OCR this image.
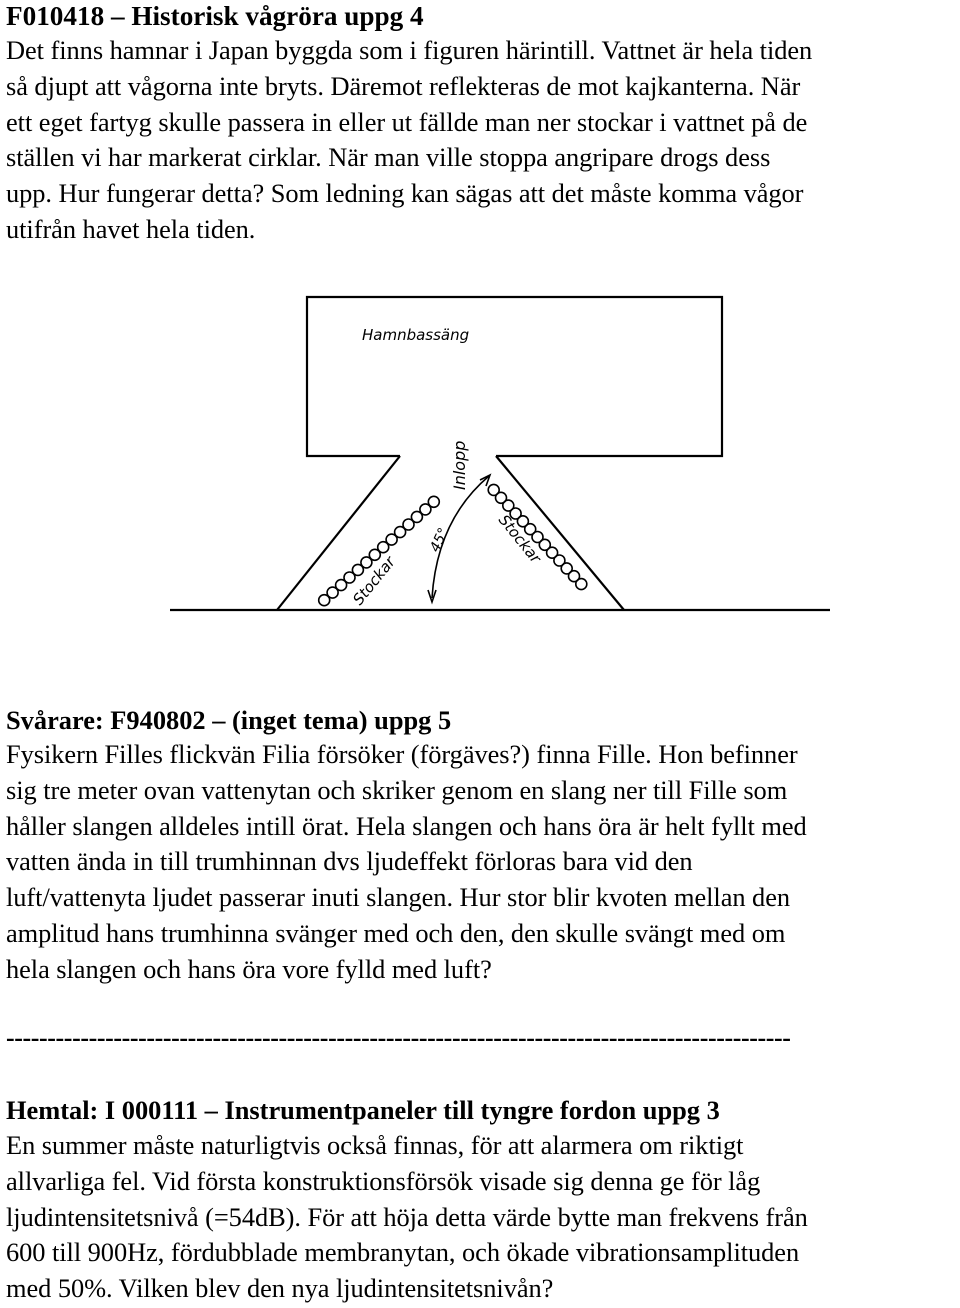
F010418 – Historisk vågröra uppg 4

Det finns hamnar i Japan byggda som i figuren härintill. Vattnet är hela tiden
så djupt att vågorna inte bryts. Däremot reflekteras de mot kajkanterna. När
ett eget fartyg skulle passera in eller ut fällde man ner stockar i vattnet på de
ställen vi har markerat cirklar. När man ville stoppa angripare drogs dess
upp. Hur fungerar detta? Som ledning kan sägas att det måste komma vågor
utifrån havet hela tiden.

Hamnbassäng
Inlopp
45°
Stockar
Stockar
Svårare: F940802 – (inget tema) uppg 5

Fysikern Filles flickvän Filia försöker (förgäves?) finna Fille. Hon befinner
sig tre meter ovan vattenytan och skriker genom en slang ner till Fille som
håller slangen alldeles intill örat. Hela slangen och hans öra är helt fyllt med
vatten ända in till trumhinnan dvs ljudeffekt förloras bara vid den
luft/vattenyta ljudet passerar inuti slangen. Hur stor blir kvoten mellan den
amplitud hans trumhinna svänger med och den, den skulle svängt med om
hela slangen och hans öra vore fylld med luft?

-----------------------------------------------------------------------------------------------
Hemtal: I 000111 – Instrumentpaneler till tyngre fordon uppg 3

En summer måste naturligtvis också finnas, för att alarmera om riktigt
allvarliga fel. Vid första konstruktionsförsök visade sig denna ge för låg
ljudintensitetsnivå (=54dB). För att höja detta värde bytte man frekvens från
600 till 900Hz, fördubblade membranytan, och ökade vibrationsamplituden
med 50%. Vilken blev den nya ljudintensitetsnivån?
